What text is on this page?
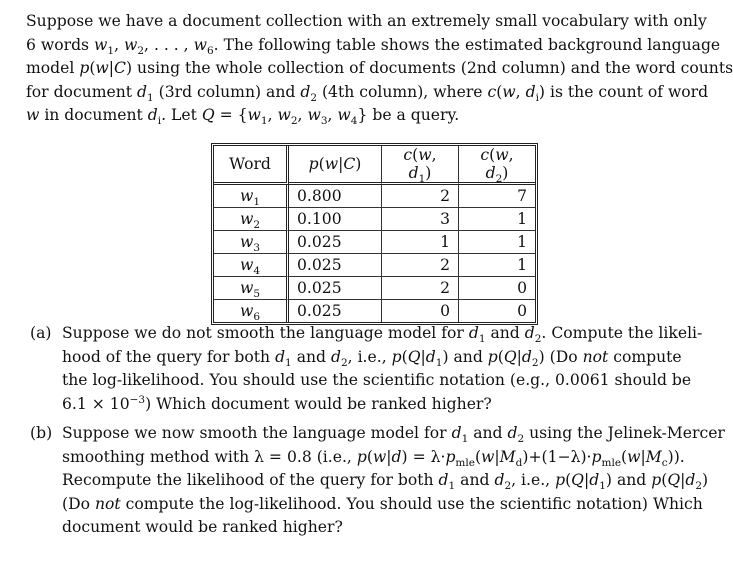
Suppose we have a document collection with an extremely small vocabulary with only
6 words $w_1$, $w_2$, . . . , $w_6$. The following table shows the estimated background language
model p(w|C) using the whole collection of documents (2nd column) and the word counts
for document $d_1$ (3rd column) and $d_2$ (4th column), where c(w, $d_i$) is the count of word
w in document $d_i$. Let $Q = \{w_1$, $w_2$, $w_3$, $w_4$} be a query.
Word	p(w|C)	c(w, $d_1$)	c(w, $d_2$)
$w_1$	0.800	2	7
$w_2$	0.100	3	1
$w_3$	0.025	1	1
$w_4$	0.025	2	1
$w_5$	0.025	2	0
$w_6$	0.025	0	0
(a) Suppose we do not smooth the language model for $d_1$ and $d_2$. Compute the likeli-
hood of the query for both $d_1$ and $d_2$, i.e., $p(Q|d_1)$ and $p(Q|d_2)$ (Do not compute
the log-likelihood. You should use the scientific notation (e.g., 0.0061 should be
$6.1 \times 10^{-3}$) Which document would be ranked higher?
(b) Suppose we now smooth the language model for $d_1$ and $d_2$ using the Jelinek-Mercer
smoothing method with λ = 0.8 (i.e., $p(w|d) = \lambda\cdot p_{mle}(w|M_d)+(1-\lambda)\cdot p_{mle}(w|M_c)$).
Recompute the likelihood of the query for both $d_1$ and $d_2$, i.e., $p(Q|d_1)$ and $p(Q|d_2)$
(Do not compute the log-likelihood. You should use the scientific notation) Which
document would be ranked higher?
